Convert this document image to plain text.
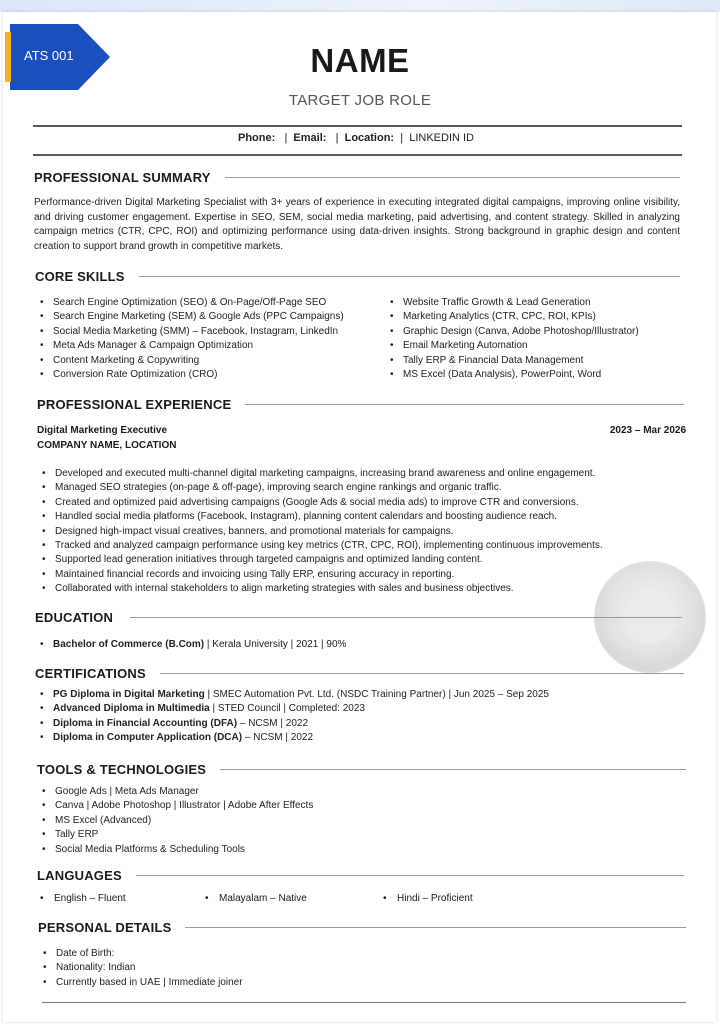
ATS 001	NAME
TARGET JOB ROLE
Phone: | Email: | Location: | LINKEDIN ID
PROFESSIONAL SUMMARY
Performance-driven Digital Marketing Specialist with 3+ years of experience in executing integrated digital campaigns, improving online visibility, and driving customer engagement. Expertise in SEO, SEM, social media marketing, paid advertising, and content strategy. Skilled in analyzing campaign metrics (CTR, CPC, ROI) and optimizing performance using data-driven insights. Strong background in graphic design and content creation to support brand growth in competitive markets.
CORE SKILLS
• Search Engine Optimization (SEO) & On-Page/Off-Page SEO
• Search Engine Marketing (SEM) & Google Ads (PPC Campaigns)
• Social Media Marketing (SMM) – Facebook, Instagram, LinkedIn
• Meta Ads Manager & Campaign Optimization
• Content Marketing & Copywriting
• Conversion Rate Optimization (CRO)
• Website Traffic Growth & Lead Generation
• Marketing Analytics (CTR, CPC, ROI, KPIs)
• Graphic Design (Canva, Adobe Photoshop/Illustrator)
• Email Marketing Automation
• Tally ERP & Financial Data Management
• MS Excel (Data Analysis), PowerPoint, Word
PROFESSIONAL EXPERIENCE
Digital Marketing Executive
COMPANY NAME, LOCATION
2023 – Mar 2026
• Developed and executed multi-channel digital marketing campaigns, increasing brand awareness and online engagement.
• Managed SEO strategies (on-page & off-page), improving search engine rankings and organic traffic.
• Created and optimized paid advertising campaigns (Google Ads & social media ads) to improve CTR and conversions.
• Handled social media platforms (Facebook, Instagram), planning content calendars and boosting audience reach.
• Designed high-impact visual creatives, banners, and promotional materials for campaigns.
• Tracked and analyzed campaign performance using key metrics (CTR, CPC, ROI), implementing continuous improvements.
• Supported lead generation initiatives through targeted campaigns and optimized landing content.
• Maintained financial records and invoicing using Tally ERP, ensuring accuracy in reporting.
• Collaborated with internal stakeholders to align marketing strategies with sales and business objectives.
EDUCATION
• Bachelor of Commerce (B.Com) | Kerala University | 2021 | 90%
CERTIFICATIONS
• PG Diploma in Digital Marketing | SMEC Automation Pvt. Ltd. (NSDC Training Partner) | Jun 2025 – Sep 2025
• Advanced Diploma in Multimedia | STED Council | Completed: 2023
• Diploma in Financial Accounting (DFA) – NCSM | 2022
• Diploma in Computer Application (DCA) – NCSM | 2022
TOOLS & TECHNOLOGIES
• Google Ads | Meta Ads Manager
• Canva | Adobe Photoshop | Illustrator | Adobe After Effects
• MS Excel (Advanced)
• Tally ERP
• Social Media Platforms & Scheduling Tools
LANGUAGES
• English – Fluent	• Malayalam – Native	• Hindi – Proficient
PERSONAL DETAILS
• Date of Birth:
• Nationality: Indian
• Currently based in UAE | Immediate joiner
